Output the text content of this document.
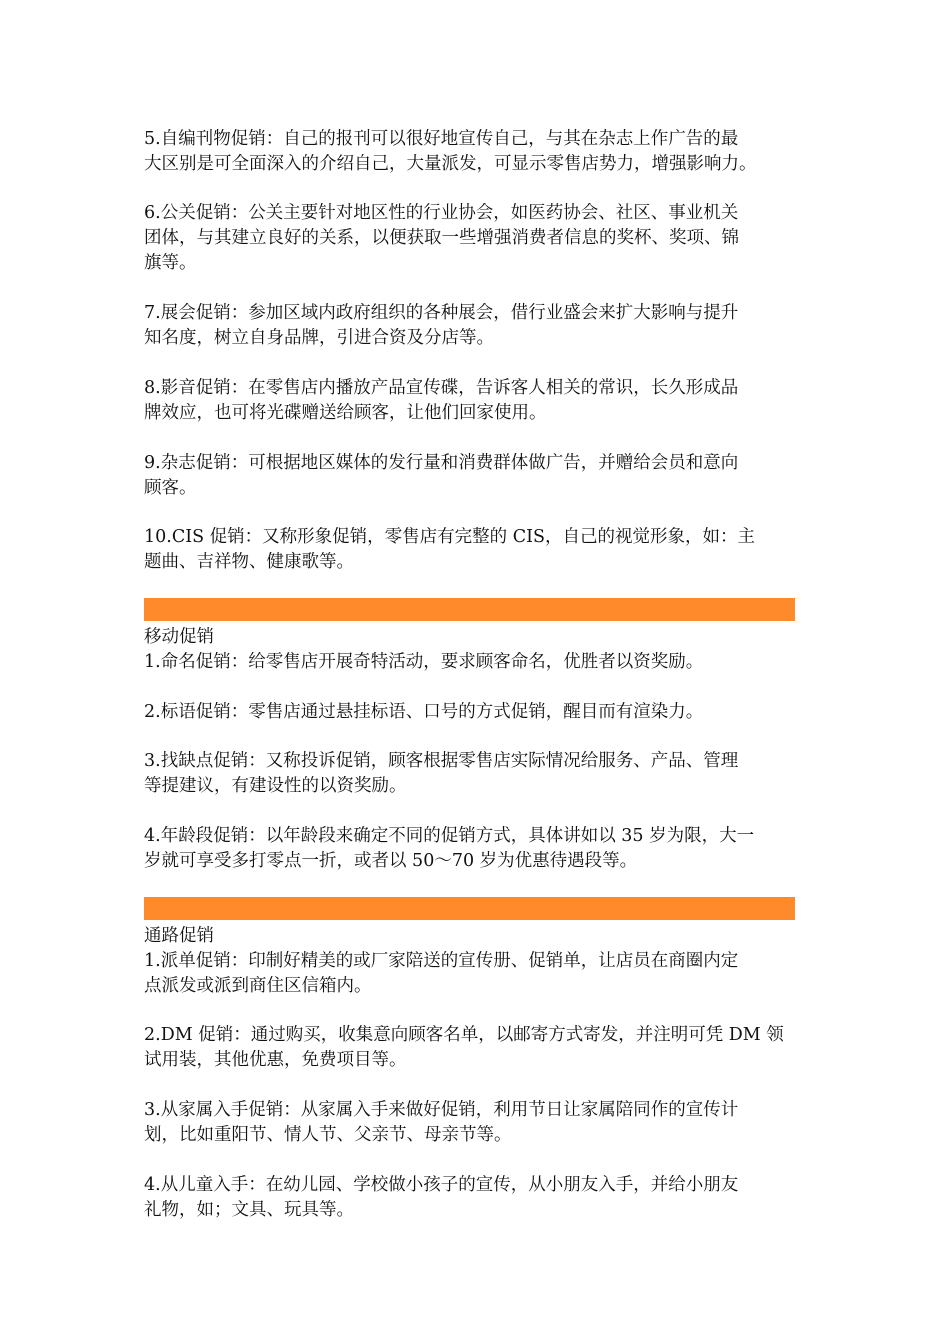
5.自编刊物促销：自己的报刊可以很好地宣传自己，与其在杂志上作广告的最
大区别是可全面深入的介绍自己，大量派发，可显示零售店势力，增强影响力。

6.公关促销：公关主要针对地区性的行业协会，如医药协会、社区、事业机关
团体，与其建立良好的关系，以便获取一些增强消费者信息的奖杯、奖项、锦
旗等。

7.展会促销：参加区域内政府组织的各种展会，借行业盛会来扩大影响与提升
知名度，树立自身品牌，引进合资及分店等。

8.影音促销：在零售店内播放产品宣传碟，告诉客人相关的常识，长久形成品
牌效应，也可将光碟赠送给顾客，让他们回家使用。

9.杂志促销：可根据地区媒体的发行量和消费群体做广告，并赠给会员和意向
顾客。

10.CIS 促销：又称形象促销，零售店有完整的 CIS，自己的视觉形象，如：主
题曲、吉祥物、健康歌等。

移动促销

1.命名促销：给零售店开展奇特活动，要求顾客命名，优胜者以资奖励。

2.标语促销：零售店通过悬挂标语、口号的方式促销，醒目而有渲染力。

3.找缺点促销：又称投诉促销，顾客根据零售店实际情况给服务、产品、管理
等提建议，有建设性的以资奖励。

4.年龄段促销：以年龄段来确定不同的促销方式，具体讲如以 35 岁为限，大一
岁就可享受多打零点一折，或者以 50～70 岁为优惠待遇段等。

通路促销

1.派单促销：印制好精美的或厂家陪送的宣传册、促销单，让店员在商圈内定
点派发或派到商住区信箱内。

2.DM 促销：通过购买，收集意向顾客名单，以邮寄方式寄发，并注明可凭 DM 领
试用装，其他优惠，免费项目等。

3.从家属入手促销：从家属入手来做好促销，利用节日让家属陪同作的宣传计
划，比如重阳节、情人节、父亲节、母亲节等。

4.从儿童入手：在幼儿园、学校做小孩子的宣传，从小朋友入手，并给小朋友
礼物，如；文具、玩具等。
